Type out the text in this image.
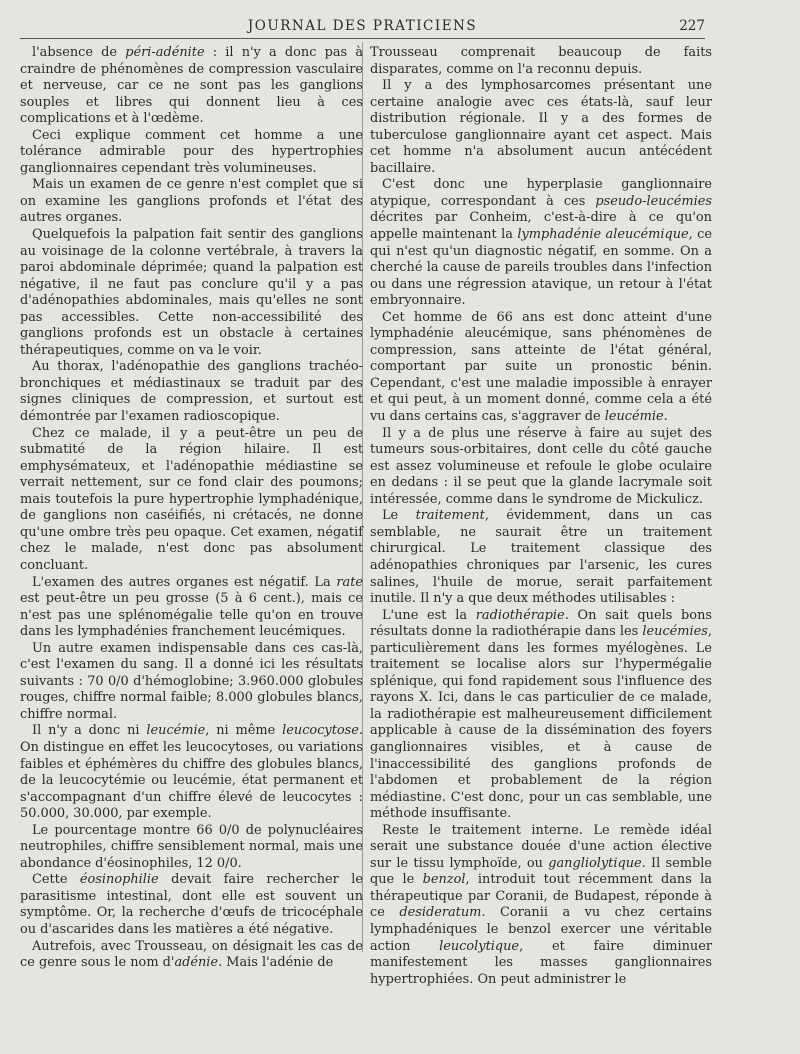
JOURNAL DES PRATICIENS	227

l'absence de péri-adénite : il n'y a donc pas à craindre de phénomènes de compression vasculaire et nerveuse, car ce ne sont pas les ganglions souples et libres qui donnent lieu à ces complications et à l'œdème.

Ceci explique comment cet homme a une tolérance admirable pour des hypertrophies ganglionnaires cependant très volumineuses.

Mais un examen de ce genre n'est complet que si on examine les ganglions profonds et l'état des autres organes.

Quelquefois la palpation fait sentir des ganglions au voisinage de la colonne vertébrale, à travers la paroi abdominale déprimée; quand la palpation est négative, il ne faut pas conclure qu'il y a pas d'adénopathies abdominales, mais qu'elles ne sont pas accessibles. Cette non-accessibilité des ganglions profonds est un obstacle à certaines thérapeutiques, comme on va le voir.

Au thorax, l'adénopathie des ganglions trachéo-bronchiques et médiastinaux se traduit par des signes cliniques de compression, et surtout est démontrée par l'examen radioscopique.

Chez ce malade, il y a peut-être un peu de submatité de la région hilaire. Il est emphysémateux, et l'adénopathie médiastine se verrait nettement, sur ce fond clair des poumons; mais toutefois la pure hypertrophie lymphadénique, de ganglions non caséifiés, ni crétacés, ne donne qu'une ombre très peu opaque. Cet examen, négatif chez le malade, n'est donc pas absolument concluant.

L'examen des autres organes est négatif. La rate est peut-être un peu grosse (5 à 6 cent.), mais ce n'est pas une splénomégalie telle qu'on en trouve dans les lymphadénies franchement leucémiques.

Un autre examen indispensable dans ces cas-là, c'est l'examen du sang. Il a donné ici les résultats suivants : 70 0/0 d'hémoglobine; 3.960.000 globules rouges, chiffre normal faible; 8.000 globules blancs, chiffre normal.

Il n'y a donc ni leucémie, ni même leucocytose. On distingue en effet les leucocytoses, ou variations faibles et éphémères du chiffre des globules blancs, de la leucocytémie ou leucémie, état permanent et s'accompagnant d'un chiffre élevé de leucocytes : 50.000, 30.000, par exemple.

Le pourcentage montre 66 0/0 de polynucléaires neutrophiles, chiffre sensiblement normal, mais une abondance d'éosinophiles, 12 0/0.

Cette éosinophilie devait faire rechercher le parasitisme intestinal, dont elle est souvent un symptôme. Or, la recherche d'œufs de tricocéphale ou d'ascarides dans les matières a été négative.

Autrefois, avec Trousseau, on désignait les cas de ce genre sous le nom d'adénie. Mais l'adénie de

Trousseau comprenait beaucoup de faits disparates, comme on l'a reconnu depuis.

Il y a des lymphosarcomes présentant une certaine analogie avec ces états-là, sauf leur distribution régionale. Il y a des formes de tuberculose ganglionnaire ayant cet aspect. Mais cet homme n'a absolument aucun antécédent bacillaire.

C'est donc une hyperplasie ganglionnaire atypique, correspondant à ces pseudo-leucémies décrites par Conheim, c'est-à-dire à ce qu'on appelle maintenant la lymphadénie aleucémique, ce qui n'est qu'un diagnostic négatif, en somme. On a cherché la cause de pareils troubles dans l'infection ou dans une régression atavique, un retour à l'état embryonnaire.

Cet homme de 66 ans est donc atteint d'une lymphadénie aleucémique, sans phénomènes de compression, sans atteinte de l'état général, comportant par suite un pronostic bénin. Cependant, c'est une maladie impossible à enrayer et qui peut, à un moment donné, comme cela a été vu dans certains cas, s'aggraver de leucémie.

Il y a de plus une réserve à faire au sujet des tumeurs sous-orbitaires, dont celle du côté gauche est assez volumineuse et refoule le globe oculaire en dedans : il se peut que la glande lacrymale soit intéressée, comme dans le syndrome de Mickulicz.

Le traitement, évidemment, dans un cas semblable, ne saurait être un traitement chirurgical. Le traitement classique des adénopathies chroniques par l'arsenic, les cures salines, l'huile de morue, serait parfaitement inutile. Il n'y a que deux méthodes utilisables :

L'une est la radiothérapie. On sait quels bons résultats donne la radiothérapie dans les leucémies, particulièrement dans les formes myélogènes. Le traitement se localise alors sur l'hypermégalie splénique, qui fond rapidement sous l'influence des rayons X. Ici, dans le cas particulier de ce malade, la radiothérapie est malheureusement difficilement applicable à cause de la dissémination des foyers ganglionnaires visibles, et à cause de l'inaccessibilité des ganglions profonds de l'abdomen et probablement de la région médiastine. C'est donc, pour un cas semblable, une méthode insuffisante.

Reste le traitement interne. Le remède idéal serait une substance douée d'une action élective sur le tissu lymphoïde, ou gangliolytique. Il semble que le benzol, introduit tout récemment dans la thérapeutique par Coranii, de Budapest, réponde à ce desideratum. Coranii a vu chez certains lymphadéniques le benzol exercer une véritable action leucolytique, et faire diminuer manifestement les masses ganglionnaires hypertrophiées. On peut administrer le
